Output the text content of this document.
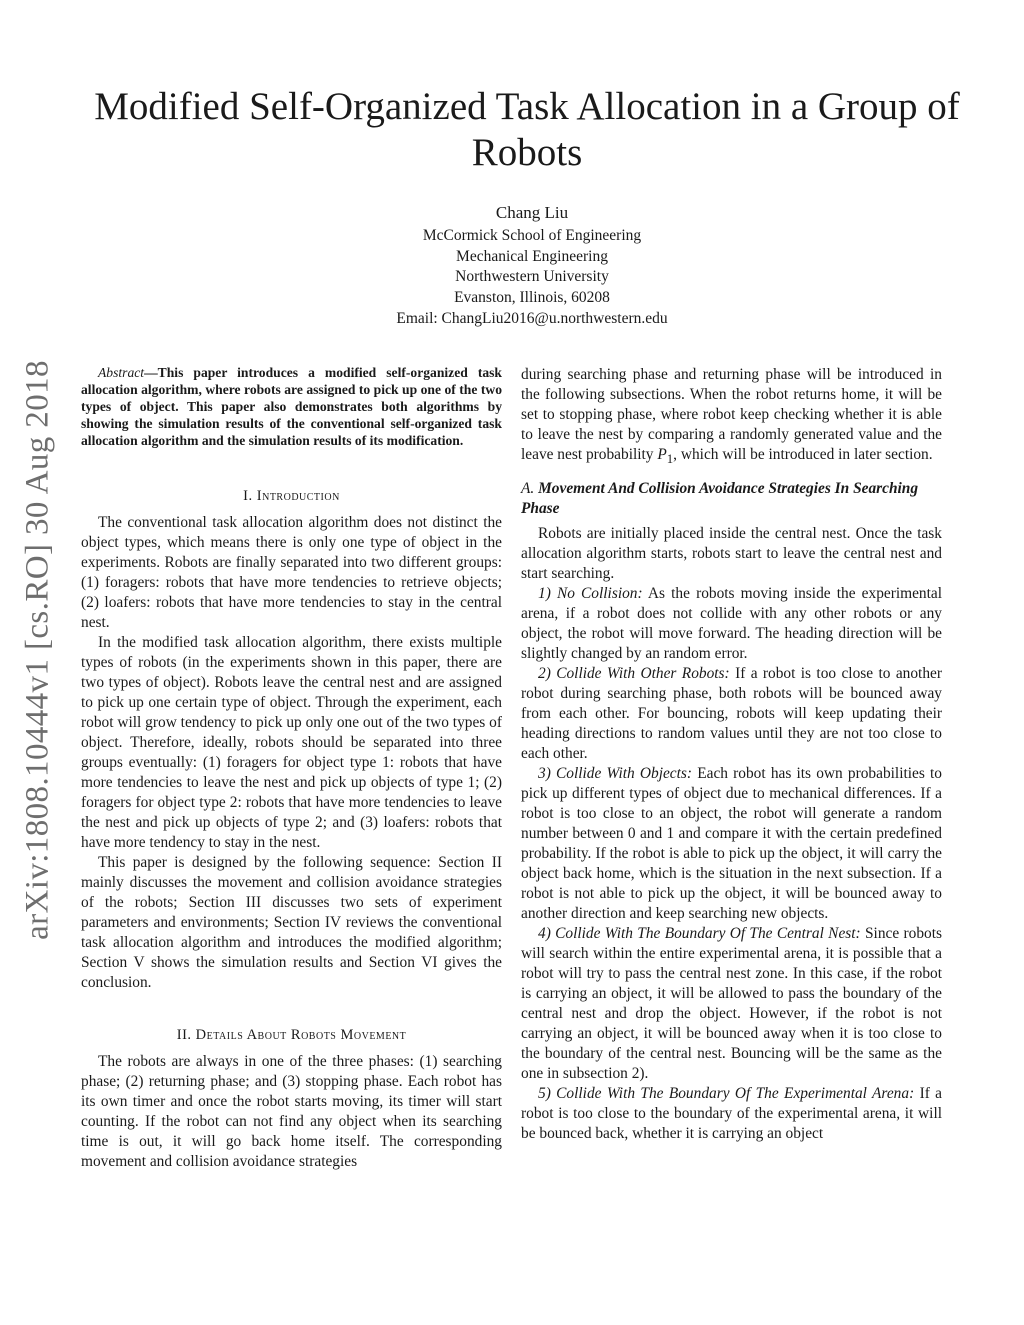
arXiv:1808.10444v1 [cs.RO] 30 Aug 2018
Modified Self-Organized Task Allocation in a Group of Robots
Chang Liu
McCormick School of Engineering
Mechanical Engineering
Northwestern University
Evanston, Illinois, 60208
Email: ChangLiu2016@u.northwestern.edu

Abstract—This paper introduces a modified self-organized task allocation algorithm, where robots are assigned to pick up one of the two types of object. This paper also demonstrates both algorithms by showing the simulation results of the conventional self-organized task allocation algorithm and the simulation results of its modification.

I. Introduction

The conventional task allocation algorithm does not distinct the object types, which means there is only one type of object in the experiments. Robots are finally separated into two different groups: (1) foragers: robots that have more tendencies to retrieve objects; (2) loafers: robots that have more tendencies to stay in the central nest.

In the modified task allocation algorithm, there exists multiple types of robots (in the experiments shown in this paper, there are two types of object). Robots leave the central nest and are assigned to pick up one certain type of object. Through the experiment, each robot will grow tendency to pick up only one out of the two types of object. Therefore, ideally, robots should be separated into three groups eventually: (1) foragers for object type 1: robots that have more tendencies to leave the nest and pick up objects of type 1; (2) foragers for object type 2: robots that have more tendencies to leave the nest and pick up objects of type 2; and (3) loafers: robots that have more tendency to stay in the nest.

This paper is designed by the following sequence: Section II mainly discusses the movement and collision avoidance strategies of the robots; Section III discusses two sets of experiment parameters and environments; Section IV reviews the conventional task allocation algorithm and introduces the modified algorithm; Section V shows the simulation results and Section VI gives the conclusion.

II. Details About Robots Movement

The robots are always in one of the three phases: (1) searching phase; (2) returning phase; and (3) stopping phase. Each robot has its own timer and once the robot starts moving, its timer will start counting. If the robot can not find any object when its searching time is out, it will go back home itself. The corresponding movement and collision avoidance strategies

during searching phase and returning phase will be introduced in the following subsections. When the robot returns home, it will be set to stopping phase, where robot keep checking whether it is able to leave the nest by comparing a randomly generated value and the leave nest probability $P_1$, which will be introduced in later section.

A. Movement And Collision Avoidance Strategies In Searching Phase

Robots are initially placed inside the central nest. Once the task allocation algorithm starts, robots start to leave the central nest and start searching.

1) No Collision: As the robots moving inside the experimental arena, if a robot does not collide with any other robots or any object, the robot will move forward. The heading direction will be slightly changed by an random error.

2) Collide With Other Robots: If a robot is too close to another robot during searching phase, both robots will be bounced away from each other. For bouncing, robots will keep updating their heading directions to random values until they are not too close to each other.

3) Collide With Objects: Each robot has its own probabilities to pick up different types of object due to mechanical differences. If a robot is too close to an object, the robot will generate a random number between 0 and 1 and compare it with the certain predefined probability. If the robot is able to pick up the object, it will carry the object back home, which is the situation in the next subsection. If a robot is not able to pick up the object, it will be bounced away to another direction and keep searching new objects.

4) Collide With The Boundary Of The Central Nest: Since robots will search within the entire experimental arena, it is possible that a robot will try to pass the central nest zone. In this case, if the robot is carrying an object, it will be allowed to pass the boundary of the central nest and drop the object. However, if the robot is not carrying an object, it will be bounced away when it is too close to the boundary of the central nest. Bouncing will be the same as the one in subsection 2).

5) Collide With The Boundary Of The Experimental Arena: If a robot is too close to the boundary of the experimental arena, it will be bounced back, whether it is carrying an object
